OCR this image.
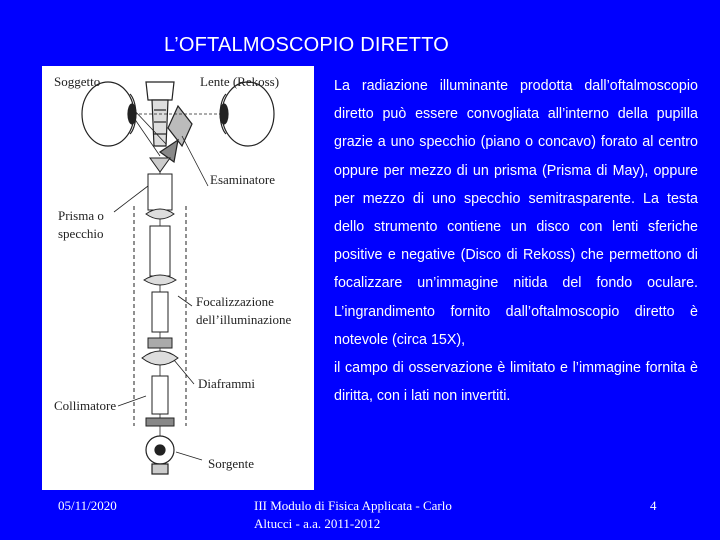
L’OFTALMOSCOPIO DIRETTO
Soggetto	Lente (Rekoss)
Esaminatore
Prisma o
specchio
Focalizzazione
dell’illuminazione
Diaframmi
Collimatore
Sorgente

La radiazione illuminante prodotta dall’oftalmoscopio diretto può essere convogliata all’interno della pupilla grazie a uno specchio (piano o concavo) forato al centro oppure per mezzo di un prisma (Prisma di May), oppure per mezzo di uno specchio semitrasparente. La testa dello strumento contiene un disco con lenti sferiche positive e negative (Disco di Rekoss) che permettono di focalizzare un’immagine nitida del fondo oculare. L’ingrandimento fornito dall’oftalmoscopio diretto è notevole (circa 15X),

il campo di osservazione è limitato e l’immagine fornita è diritta, con i lati non invertiti.

05/11/2020	III Modulo di Fisica Applicata - Carlo Altucci - a.a. 2011-2012
4
